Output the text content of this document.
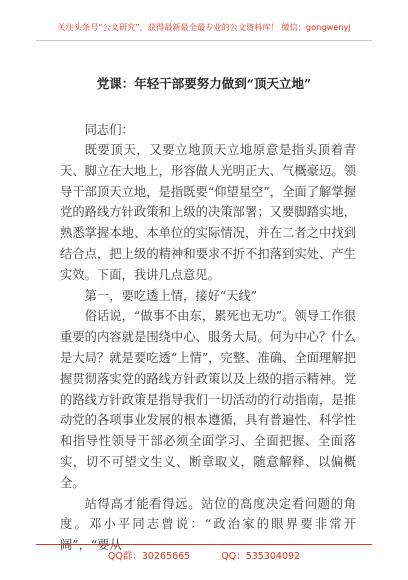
关注头条号“公文研究”，获得最新最全最专业的公文资料库！ 微信：gongwenyj
党课：年轻干部要努力做到“顶天立地”

同志们：

既要顶天，又要立地顶天立地原意是指头顶着青天、脚立在大地上，形容做人光明正大、气概豪迈。领导干部顶天立地，是指既要“仰望星空”，全面了解掌握党的路线方针政策和上级的决策部署；又要脚踏实地，熟悉掌握本地、本单位的实际情况，并在二者之中找到结合点，把上级的精神和要求不折不扣落到实处、产生实效。下面，我讲几点意见。

第一，要吃透上情，接好“天线”

俗话说，“做事不由东，累死也无功”。领导工作很重要的内容就是围绕中心、服务大局。何为中心？什么是大局？就是要吃透“上情”，完整、准确、全面理解把握贯彻落实党的路线方针政策以及上级的指示精神。党的路线方针政策是指导我们一切活动的行动指南，是推动党的各项事业发展的根本遵循，具有普遍性、科学性和指导性领导干部必须全面学习、全面把握、全面落实，切不可望文生义、断章取义，随意解释、以偏概全。

站得高才能看得远。站位的高度决定看问题的角度。邓小平同志曾说：“政治家的眼界要非常开阔”，“要从

QQ群：30265665	QQ：535304092
